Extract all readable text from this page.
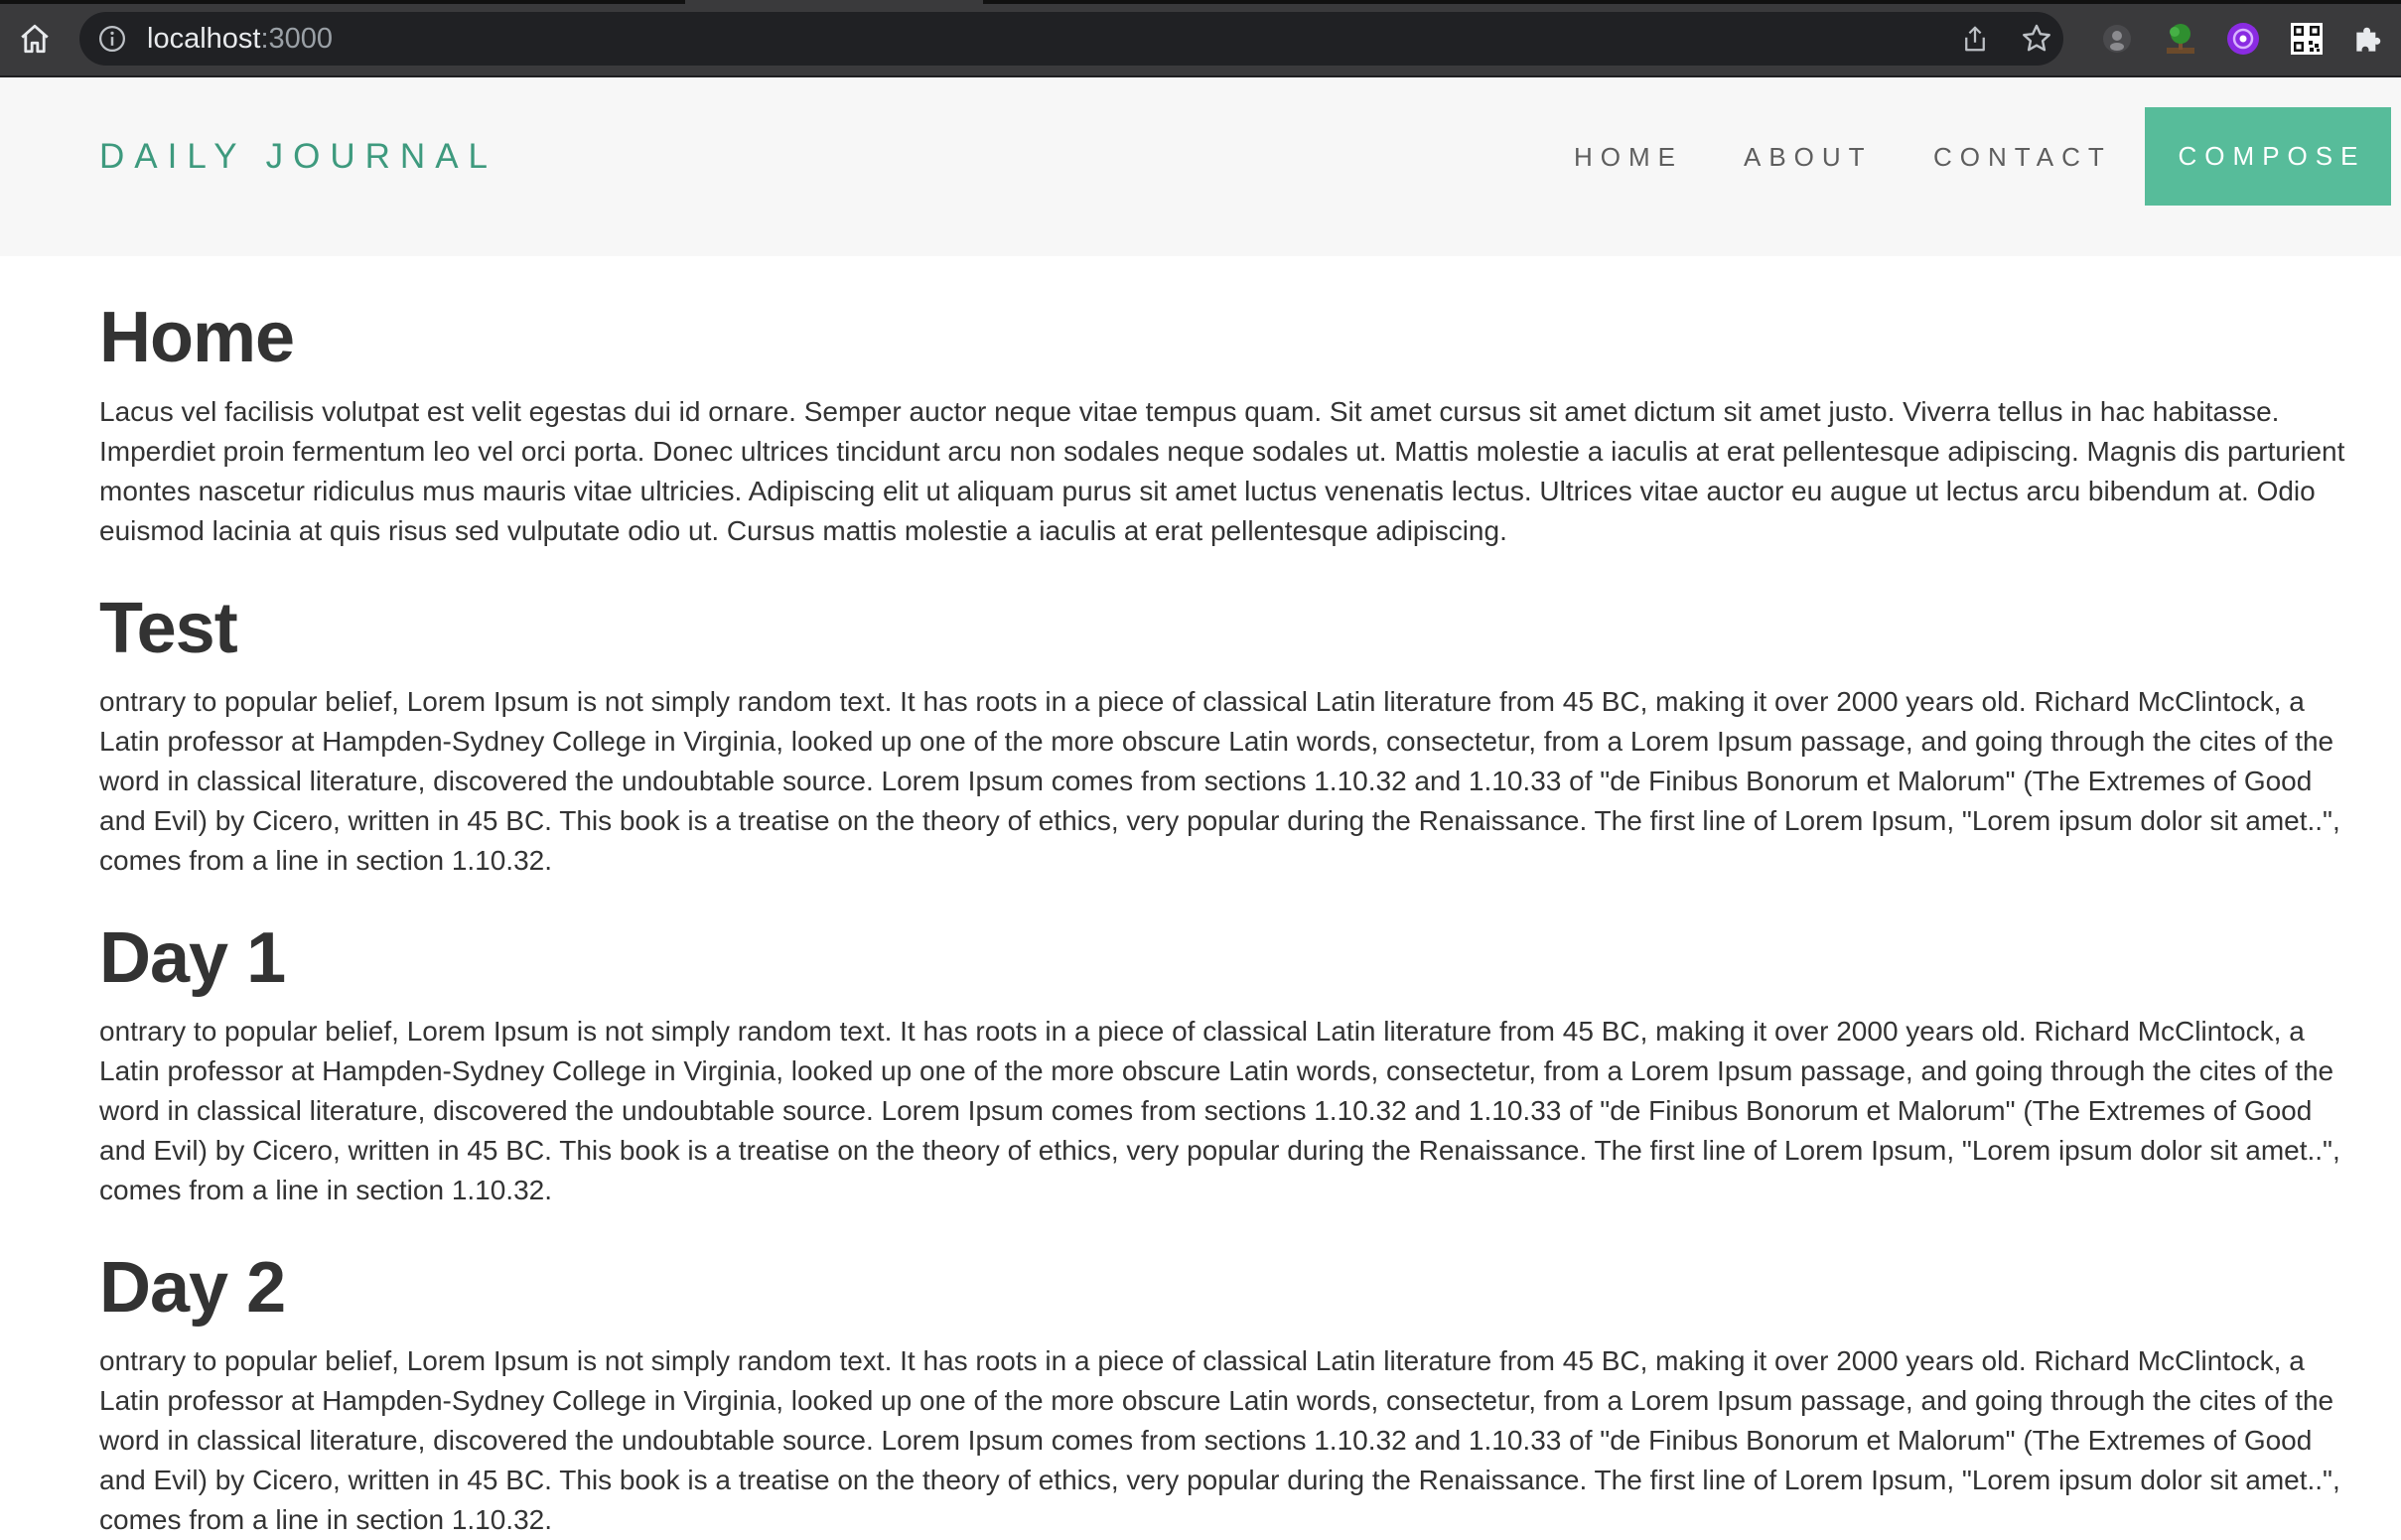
localhost:3000
DAILY JOURNAL	HOME ABOUT CONTACT	COMPOSE
Home

Lacus vel facilisis volutpat est velit egestas dui id ornare. Semper auctor neque vitae tempus quam. Sit amet cursus sit amet dictum sit amet justo. Viverra tellus in hac habitasse. Imperdiet proin fermentum leo vel orci porta. Donec ultrices tincidunt arcu non sodales neque sodales ut. Mattis molestie a iaculis at erat pellentesque adipiscing. Magnis dis parturient montes nascetur ridiculus mus mauris vitae ultricies. Adipiscing elit ut aliquam purus sit amet luctus venenatis lectus. Ultrices vitae auctor eu augue ut lectus arcu bibendum at. Odio euismod lacinia at quis risus sed vulputate odio ut. Cursus mattis molestie a iaculis at erat pellentesque adipiscing.

Test

ontrary to popular belief, Lorem Ipsum is not simply random text. It has roots in a piece of classical Latin literature from 45 BC, making it over 2000 years old. Richard McClintock, a Latin professor at Hampden-Sydney College in Virginia, looked up one of the more obscure Latin words, consectetur, from a Lorem Ipsum passage, and going through the cites of the word in classical literature, discovered the undoubtable source. Lorem Ipsum comes from sections 1.10.32 and 1.10.33 of "de Finibus Bonorum et Malorum" (The Extremes of Good and Evil) by Cicero, written in 45 BC. This book is a treatise on the theory of ethics, very popular during the Renaissance. The first line of Lorem Ipsum, "Lorem ipsum dolor sit amet..", comes from a line in section 1.10.32.

Day 1

ontrary to popular belief, Lorem Ipsum is not simply random text. It has roots in a piece of classical Latin literature from 45 BC, making it over 2000 years old. Richard McClintock, a Latin professor at Hampden-Sydney College in Virginia, looked up one of the more obscure Latin words, consectetur, from a Lorem Ipsum passage, and going through the cites of the word in classical literature, discovered the undoubtable source. Lorem Ipsum comes from sections 1.10.32 and 1.10.33 of "de Finibus Bonorum et Malorum" (The Extremes of Good and Evil) by Cicero, written in 45 BC. This book is a treatise on the theory of ethics, very popular during the Renaissance. The first line of Lorem Ipsum, "Lorem ipsum dolor sit amet..", comes from a line in section 1.10.32.

Day 2

ontrary to popular belief, Lorem Ipsum is not simply random text. It has roots in a piece of classical Latin literature from 45 BC, making it over 2000 years old. Richard McClintock, a Latin professor at Hampden-Sydney College in Virginia, looked up one of the more obscure Latin words, consectetur, from a Lorem Ipsum passage, and going through the cites of the word in classical literature, discovered the undoubtable source. Lorem Ipsum comes from sections 1.10.32 and 1.10.33 of "de Finibus Bonorum et Malorum" (The Extremes of Good and Evil) by Cicero, written in 45 BC. This book is a treatise on the theory of ethics, very popular during the Renaissance. The first line of Lorem Ipsum, "Lorem ipsum dolor sit amet..", comes from a line in section 1.10.32.
